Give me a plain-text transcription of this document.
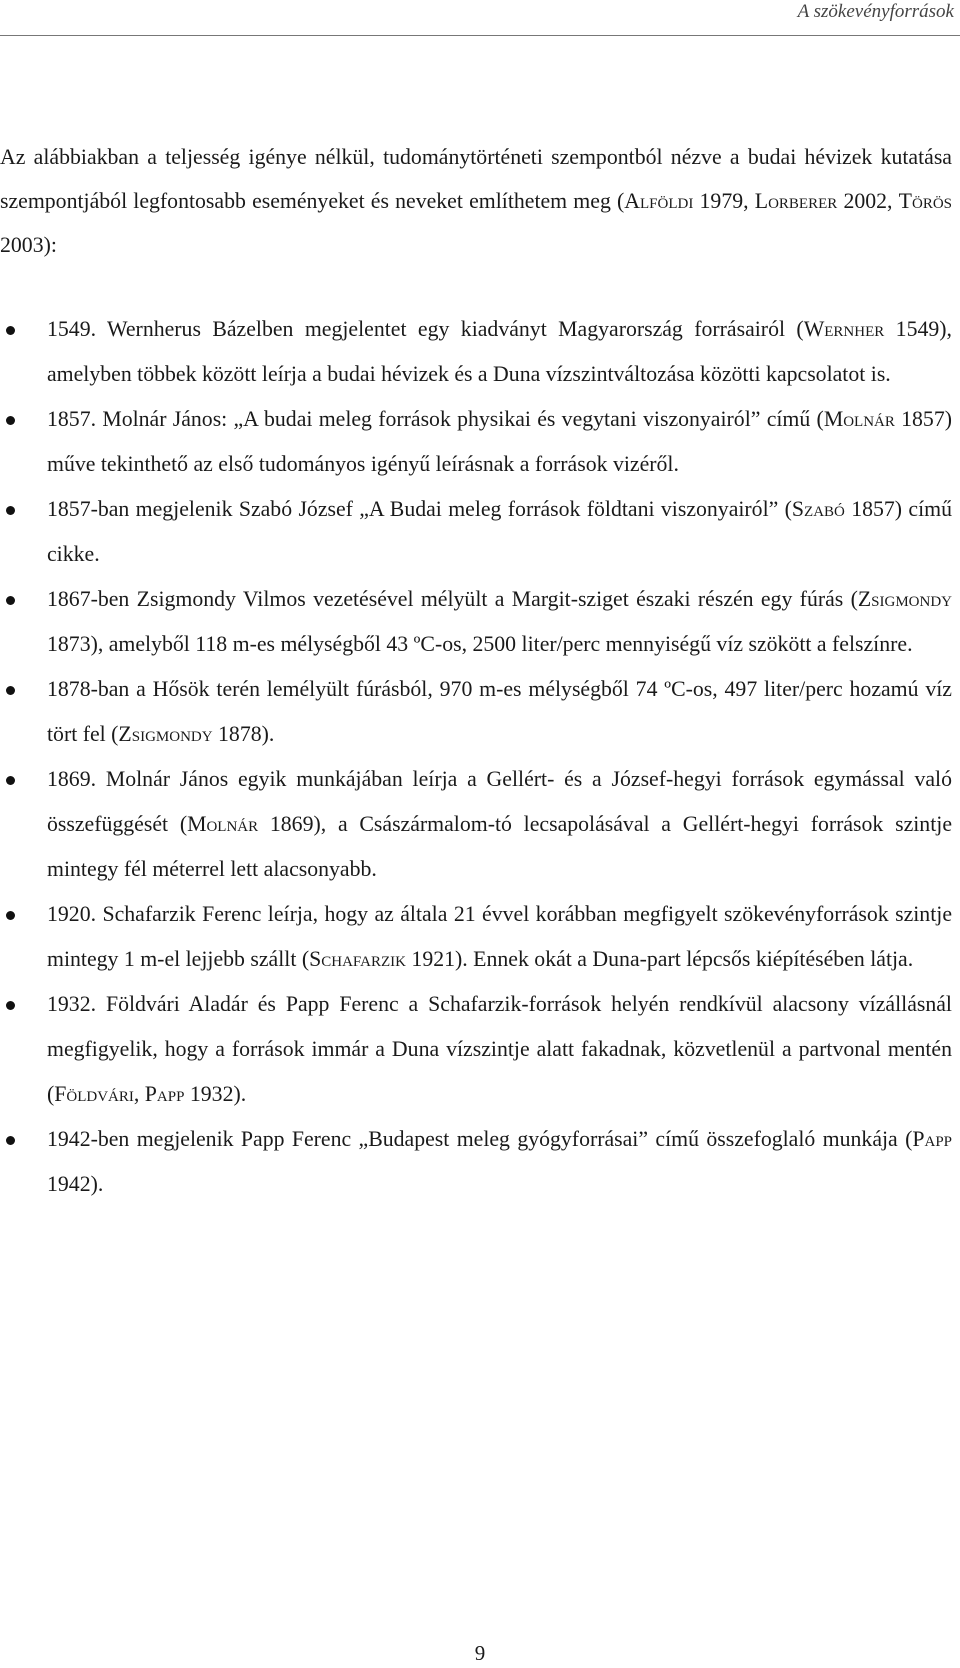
A szökevényforrások

Az alábbiakban a teljesség igénye nélkül, tudománytörténeti szempontból nézve a budai hévizek kutatása szempontjából legfontosabb eseményeket és neveket említhetem meg (Alföldi 1979, Lorberer 2002, Törös 2003):

1549. Wernherus Bázelben megjelentet egy kiadványt Magyarország forrásairól (Wernher 1549), amelyben többek között leírja a budai hévizek és a Duna vízszintváltozása közötti kapcsolatot is.
1857. Molnár János: „A budai meleg források physikai és vegytani viszonyairól” című (Molnár 1857) műve tekinthető az első tudományos igényű leírásnak a források vizéről.
1857-ban megjelenik Szabó József „A Budai meleg források földtani viszonyairól” (Szabó 1857) című cikke.
1867-ben Zsigmondy Vilmos vezetésével mélyült a Margit-sziget északi részén egy fúrás (Zsigmondy 1873), amelyből 118 m-es mélységből 43 ºC-os, 2500 liter/perc mennyiségű víz szökött a felszínre.
1878-ban a Hősök terén lemélyült fúrásból, 970 m-es mélységből 74 ºC-os, 497 liter/perc hozamú víz tört fel (Zsigmondy 1878).
1869. Molnár János egyik munkájában leírja a Gellért- és a József-hegyi források egymással való összefüggését (Molnár 1869), a Császármalom-tó lecsapolásával a Gellért-hegyi források szintje mintegy fél méterrel lett alacsonyabb.
1920. Schafarzik Ferenc leírja, hogy az általa 21 évvel korábban megfigyelt szökevényforrások szintje mintegy 1 m-el lejjebb szállt (Schafarzik 1921). Ennek okát a Duna-part lépcsős kiépítésében látja.
1932. Földvári Aladár és Papp Ferenc a Schafarzik-források helyén rendkívül alacsony vízállásnál megfigyelik, hogy a források immár a Duna vízszintje alatt fakadnak, közvetlenül a partvonal mentén (Földvári, Papp 1932).
1942-ben megjelenik Papp Ferenc „Budapest meleg gyógyforrásai” című összefoglaló munkája (Papp 1942).
9
